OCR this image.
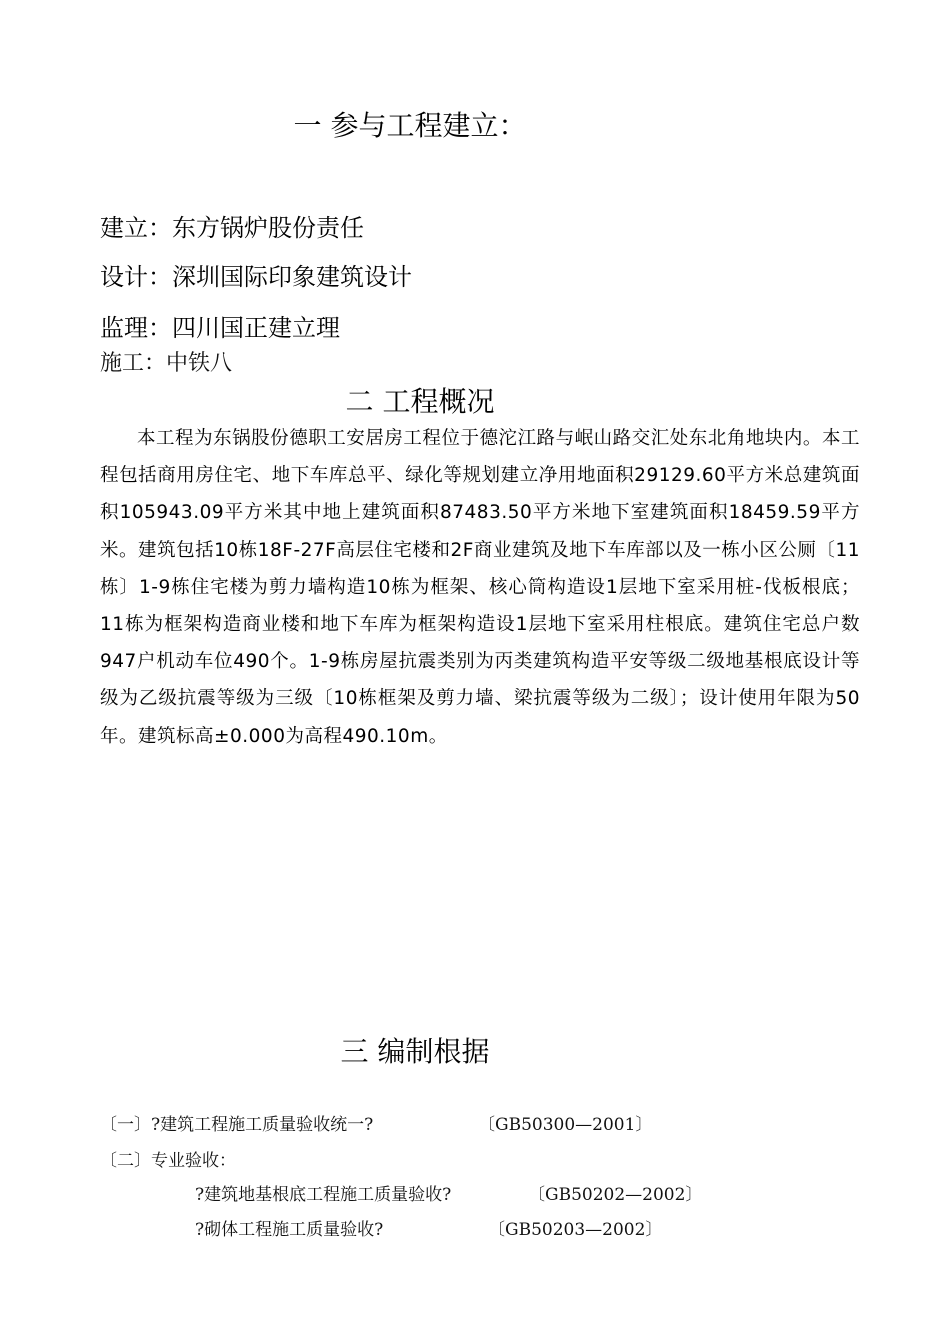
一 参与工程建立：
建立：东方锅炉股份责任
设计：深圳国际印象建筑设计
监理：四川国正建立理
施工：中铁八
二 工程概况

本工程为东锅股份德职工安居房工程位于德沱江路与岷山路交汇处东北角地块内。本工程包括商用房住宅、地下车库总平、绿化等规划建立净用地面积29129.60平方米总建筑面积105943.09平方米其中地上建筑面积87483.50平方米地下室建筑面积18459.59平方米。建筑包括10栋18F-27F高层住宅楼和2F商业建筑及地下车库部以及一栋小区公厕〔11栋〕1-9栋住宅楼为剪力墙构造10栋为框架、核心筒构造设1层地下室采用桩-伐板根底；11栋为框架构造商业楼和地下车库为框架构造设1层地下室采用柱根底。建筑住宅总户数947户机动车位490个。1-9栋房屋抗震类别为丙类建筑构造平安等级二级地基根底设计等级为乙级抗震等级为三级〔10栋框架及剪力墙、梁抗震等级为二级〕；设计使用年限为50年。建筑标高±0.000为高程490.10m。

三 编制根据
〔一〕?建筑工程施工质量验收统一?	〔GB50300—2001〕
〔二〕专业验收：
?建筑地基根底工程施工质量验收?	〔GB50202—2002〕
?砌体工程施工质量验收?	〔GB50203—2002〕
